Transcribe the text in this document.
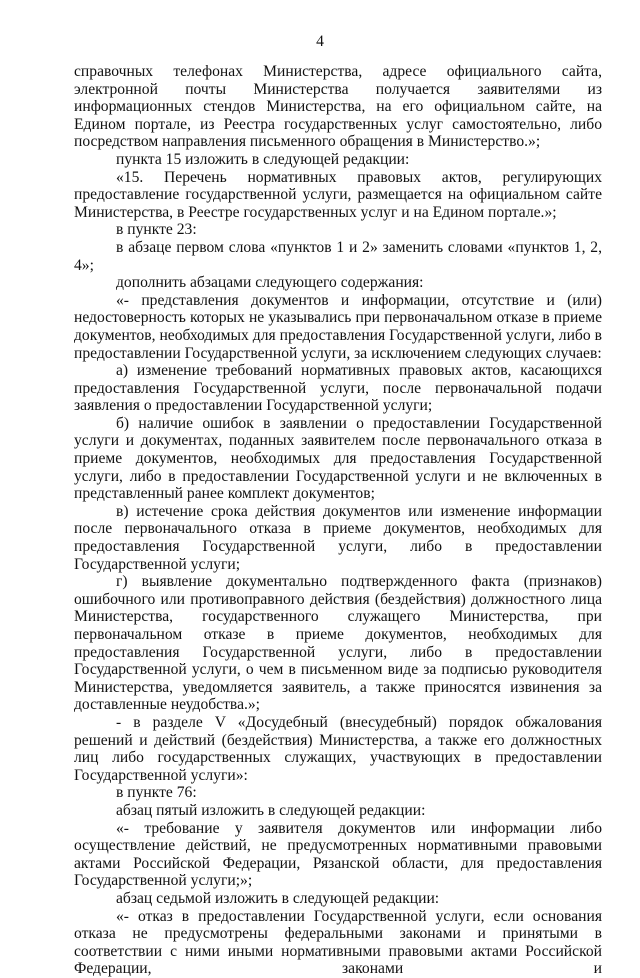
4

справочных телефонах Министерства, адресе официального сайта, электронной почты Министерства получается заявителями из информационных стендов Министерства, на его официальном сайте, на Едином портале, из Реестра государственных услуг самостоятельно, либо посредством направления письменного обращения в Министерство.»;

пункта 15 изложить в следующей редакции:

«15. Перечень нормативных правовых актов, регулирующих предоставление государственной услуги, размещается на официальном сайте Министерства, в Реестре государственных услуг и на Едином портале.»;

в пункте 23:

в абзаце первом слова «пунктов 1 и 2» заменить словами «пунктов 1, 2, 4»;

дополнить абзацами следующего содержания:

«- представления документов и информации, отсутствие и (или) недостоверность которых не указывались при первоначальном отказе в приеме документов, необходимых для предоставления Государственной услуги, либо в предоставлении Государственной услуги, за исключением следующих случаев:

а) изменение требований нормативных правовых актов, касающихся предоставления Государственной услуги, после первоначальной подачи заявления о предоставлении Государственной услуги;

б) наличие ошибок в заявлении о предоставлении Государственной услуги и документах, поданных заявителем после первоначального отказа в приеме документов, необходимых для предоставления Государственной услуги, либо в предоставлении Государственной услуги и не включенных в представленный ранее комплект документов;

в) истечение срока действия документов или изменение информации после первоначального отказа в приеме документов, необходимых для предоставления Государственной услуги, либо в предоставлении Государственной услуги;

г) выявление документально подтвержденного факта (признаков) ошибочного или противоправного действия (бездействия) должностного лица Министерства, государственного служащего Министерства, при первоначальном отказе в приеме документов, необходимых для предоставления Государственной услуги, либо в предоставлении Государственной услуги, о чем в письменном виде за подписью руководителя Министерства, уведомляется заявитель, а также приносятся извинения за доставленные неудобства.»;

- в разделе V «Досудебный (внесудебный) порядок обжалования решений и действий (бездействия) Министерства, а также его должностных лиц либо государственных служащих, участвующих в предоставлении Государственной услуги»:

в пункте 76:

абзац пятый изложить в следующей редакции:

«- требование у заявителя документов или информации либо осуществление действий, не предусмотренных нормативными правовыми актами Российской Федерации, Рязанской области, для предоставления Государственной услуги;»;

абзац седьмой изложить в следующей редакции:

«- отказ в предоставлении Государственной услуги, если основания отказа не предусмотрены федеральными законами и принятыми в соответствии с ними иными нормативными правовыми актами Российской Федерации, законами и
